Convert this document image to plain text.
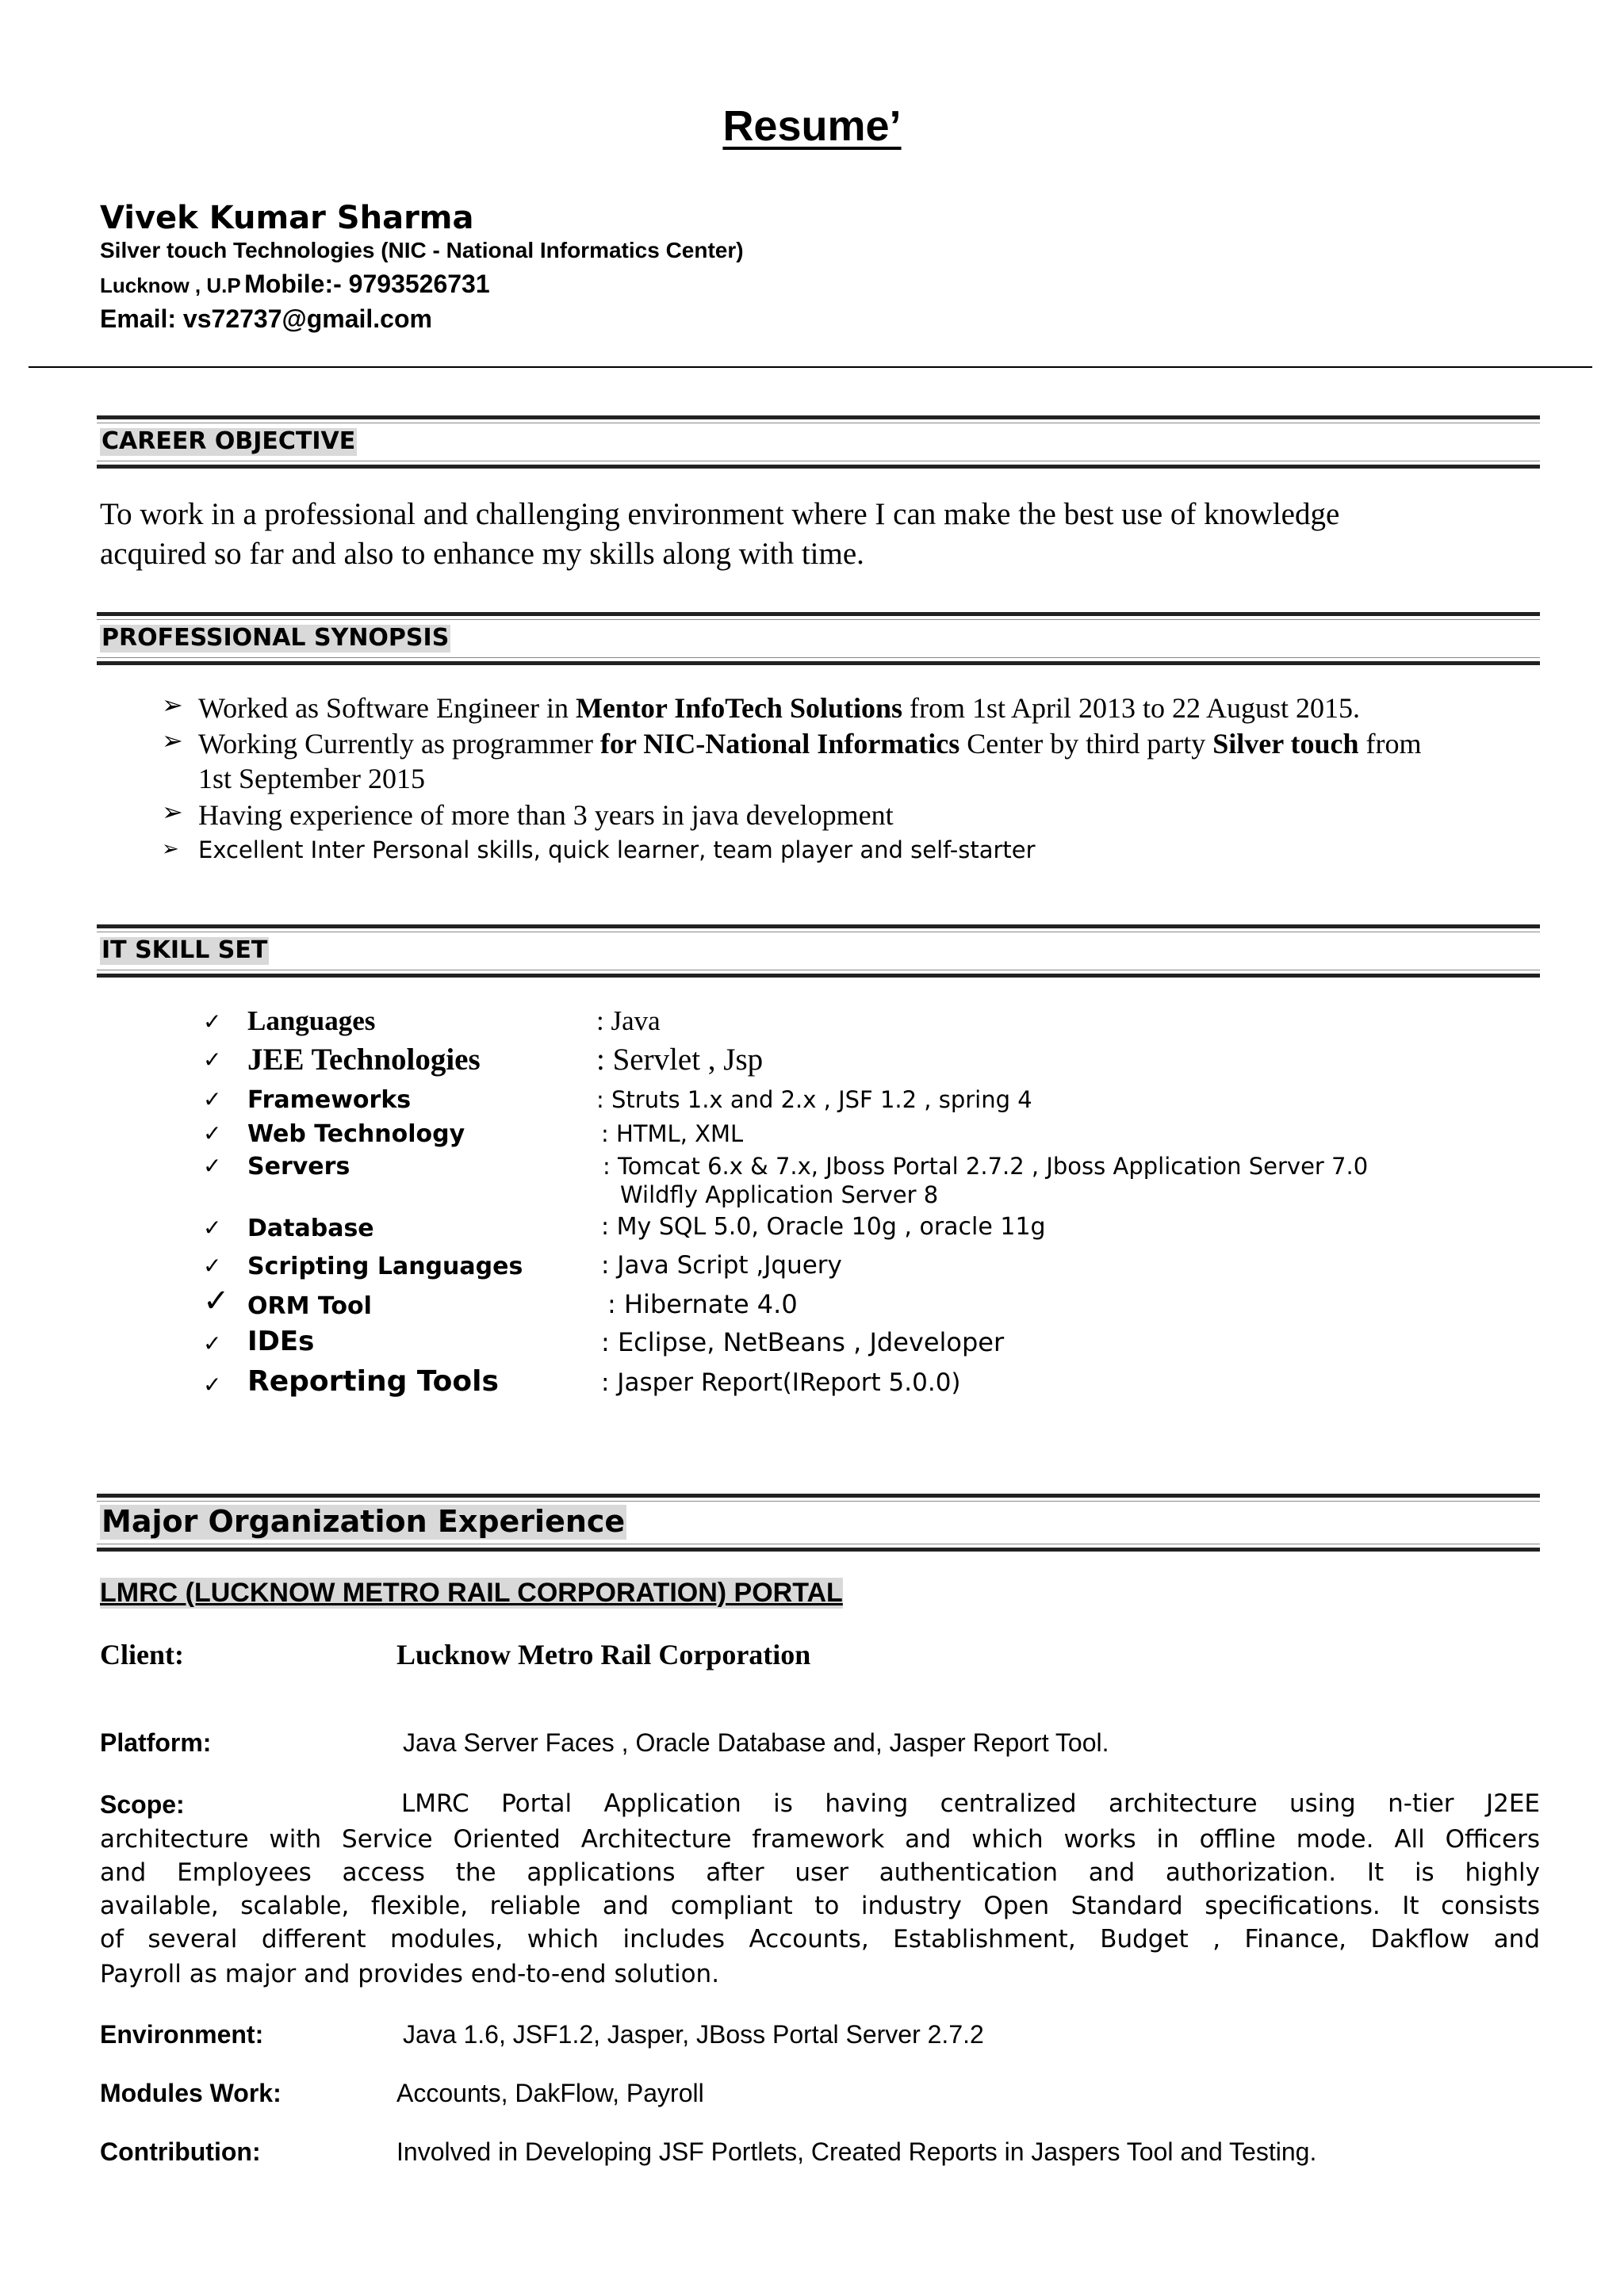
Resume’
Vivek Kumar Sharma
Silver touch Technologies (NIC - National Informatics Center)
Lucknow , U.P Mobile:- 9793526731
Email: vs72737@gmail.com
CAREER OBJECTIVE
To work in a professional and challenging environment where I can make the best use of knowledge
acquired so far and also to enhance my skills along with time.
PROFESSIONAL SYNOPSIS
➢ Worked as Software Engineer in Mentor InfoTech Solutions from 1st April 2013 to 22 August 2015.
➢ Working Currently as programmer for NIC-National Informatics Center by third party Silver touch from
1st September 2015
➢ Having experience of more than 3 years in java development
➢ Excellent Inter Personal skills, quick learner, team player and self-starter
IT SKILL SET
✓ Languages	: Java
✓ JEE Technologies	: Servlet , Jsp
✓ Frameworks	: Struts 1.x and 2.x , JSF 1.2 , spring 4
✓ Web Technology	: HTML, XML
✓ Servers	: Tomcat 6.x & 7.x, Jboss Portal 2.7.2 , Jboss Application Server 7.0
Wildfly Application Server 8
✓ Database	: My SQL 5.0, Oracle 10g , oracle 11g
✓ Scripting Languages	: Java Script ,Jquery
✓ ORM Tool	: Hibernate 4.0
✓ IDEs	: Eclipse, NetBeans , Jdeveloper
✓ Reporting Tools	: Jasper Report(IReport 5.0.0)
Major Organization Experience
LMRC (LUCKNOW METRO RAIL CORPORATION) PORTAL
Client:	Lucknow Metro Rail Corporation
Platform:	Java Server Faces , Oracle Database and, Jasper Report Tool.
Scope:	LMRC Portal Application is having centralized architecture using n-tier J2EE
architecture with Service Oriented Architecture framework and which works in offline mode. All Officers
and Employees access the applications after user authentication and authorization. It is highly
available, scalable, flexible, reliable and compliant to industry Open Standard specifications. It consists
of several different modules, which includes Accounts, Establishment, Budget , Finance, Dakflow and
Payroll as major and provides end-to-end solution.
Environment:	Java 1.6, JSF1.2, Jasper, JBoss Portal Server 2.7.2
Modules Work:	Accounts, DakFlow, Payroll
Contribution:	Involved in Developing JSF Portlets, Created Reports in Jaspers Tool and Testing.
